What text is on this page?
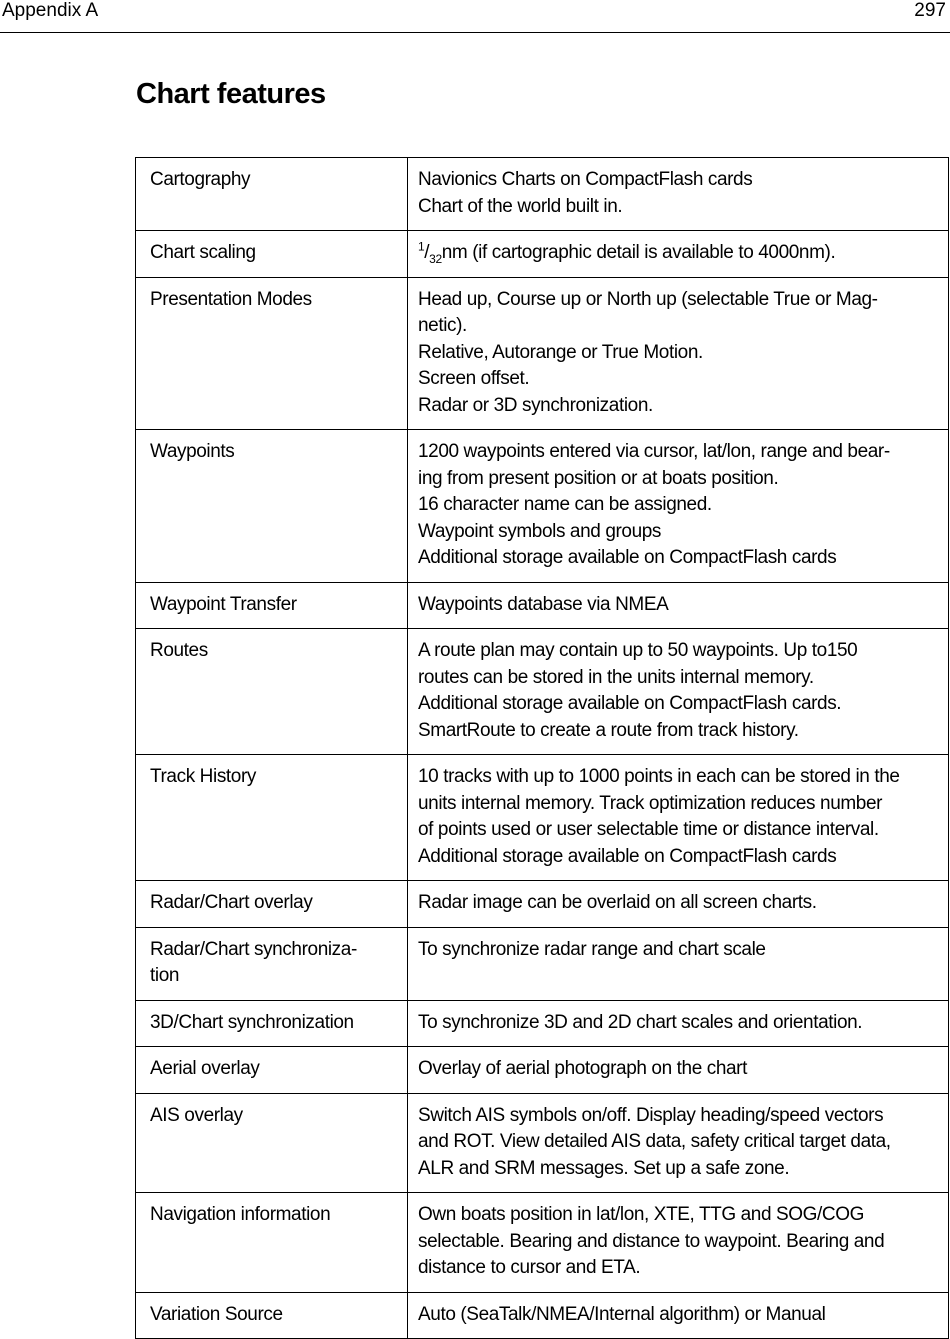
Appendix A	297
Chart features
Cartography	Navionics Charts on CompactFlash cards
Chart of the world built in.

Chart scaling	$^1/_{32}nm$ (if cartographic detail is available to 4000nm).

Presentation Modes	Head up, Course up or North up (selectable True or Mag-
netic).
Relative, Autorange or True Motion.
Screen offset.
Radar or 3D synchronization.

Waypoints	1200 waypoints entered via cursor, lat/lon, range and bear-
ing from present position or at boats position.
16 character name can be assigned.
Waypoint symbols and groups
Additional storage available on CompactFlash cards

Waypoint Transfer	Waypoints database via NMEA

Routes	A route plan may contain up to 50 waypoints. Up to150
routes can be stored in the units internal memory.
Additional storage available on CompactFlash cards.
SmartRoute to create a route from track history.

Track History	10 tracks with up to 1000 points in each can be stored in the
units internal memory. Track optimization reduces number
of points used or user selectable time or distance interval.
Additional storage available on CompactFlash cards

Radar/Chart overlay	Radar image can be overlaid on all screen charts.

Radar/Chart synchroniza-
tion	To synchronize radar range and chart scale

3D/Chart synchronization	To synchronize 3D and 2D chart scales and orientation.

Aerial overlay	Overlay of aerial photograph on the chart

AIS overlay	Switch AIS symbols on/off. Display heading/speed vectors
and ROT. View detailed AIS data, safety critical target data,
ALR and SRM messages. Set up a safe zone.

Navigation information	Own boats position in lat/lon, XTE, TTG and SOG/COG
selectable. Bearing and distance to waypoint. Bearing and
distance to cursor and ETA.

Variation Source	Auto (SeaTalk/NMEA/Internal algorithm) or Manual
